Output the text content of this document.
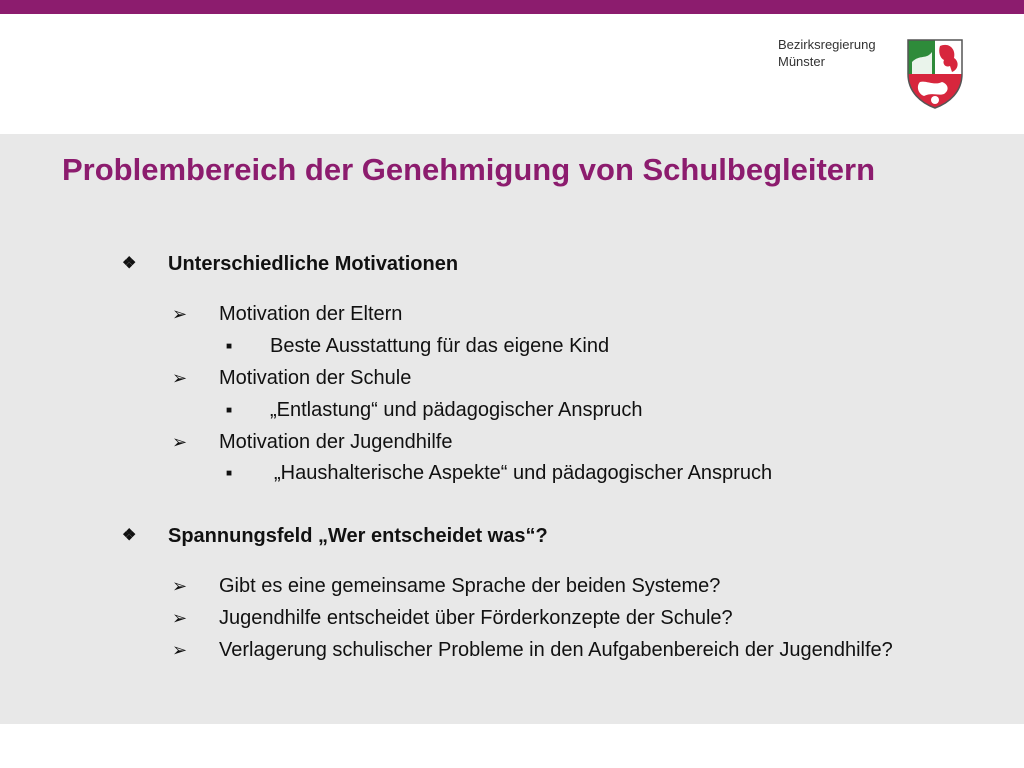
Bezirksregierung
Münster
Problembereich der Genehmigung von Schulbegleitern
❖ Unterschiedliche Motivationen
➢ Motivation der Eltern
■ Beste Ausstattung für das eigene Kind
➢ Motivation der Schule
■ „Entlastung“ und pädagogischer Anspruch
➢ Motivation der Jugendhilfe
■ „Haushalterische Aspekte“ und pädagogischer Anspruch
❖ Spannungsfeld „Wer entscheidet was“?
➢ Gibt es eine gemeinsame Sprache der beiden Systeme?
➢ Jugendhilfe entscheidet über Förderkonzepte der Schule?
➢ Verlagerung schulischer Probleme in den Aufgabenbereich der Jugendhilfe?
